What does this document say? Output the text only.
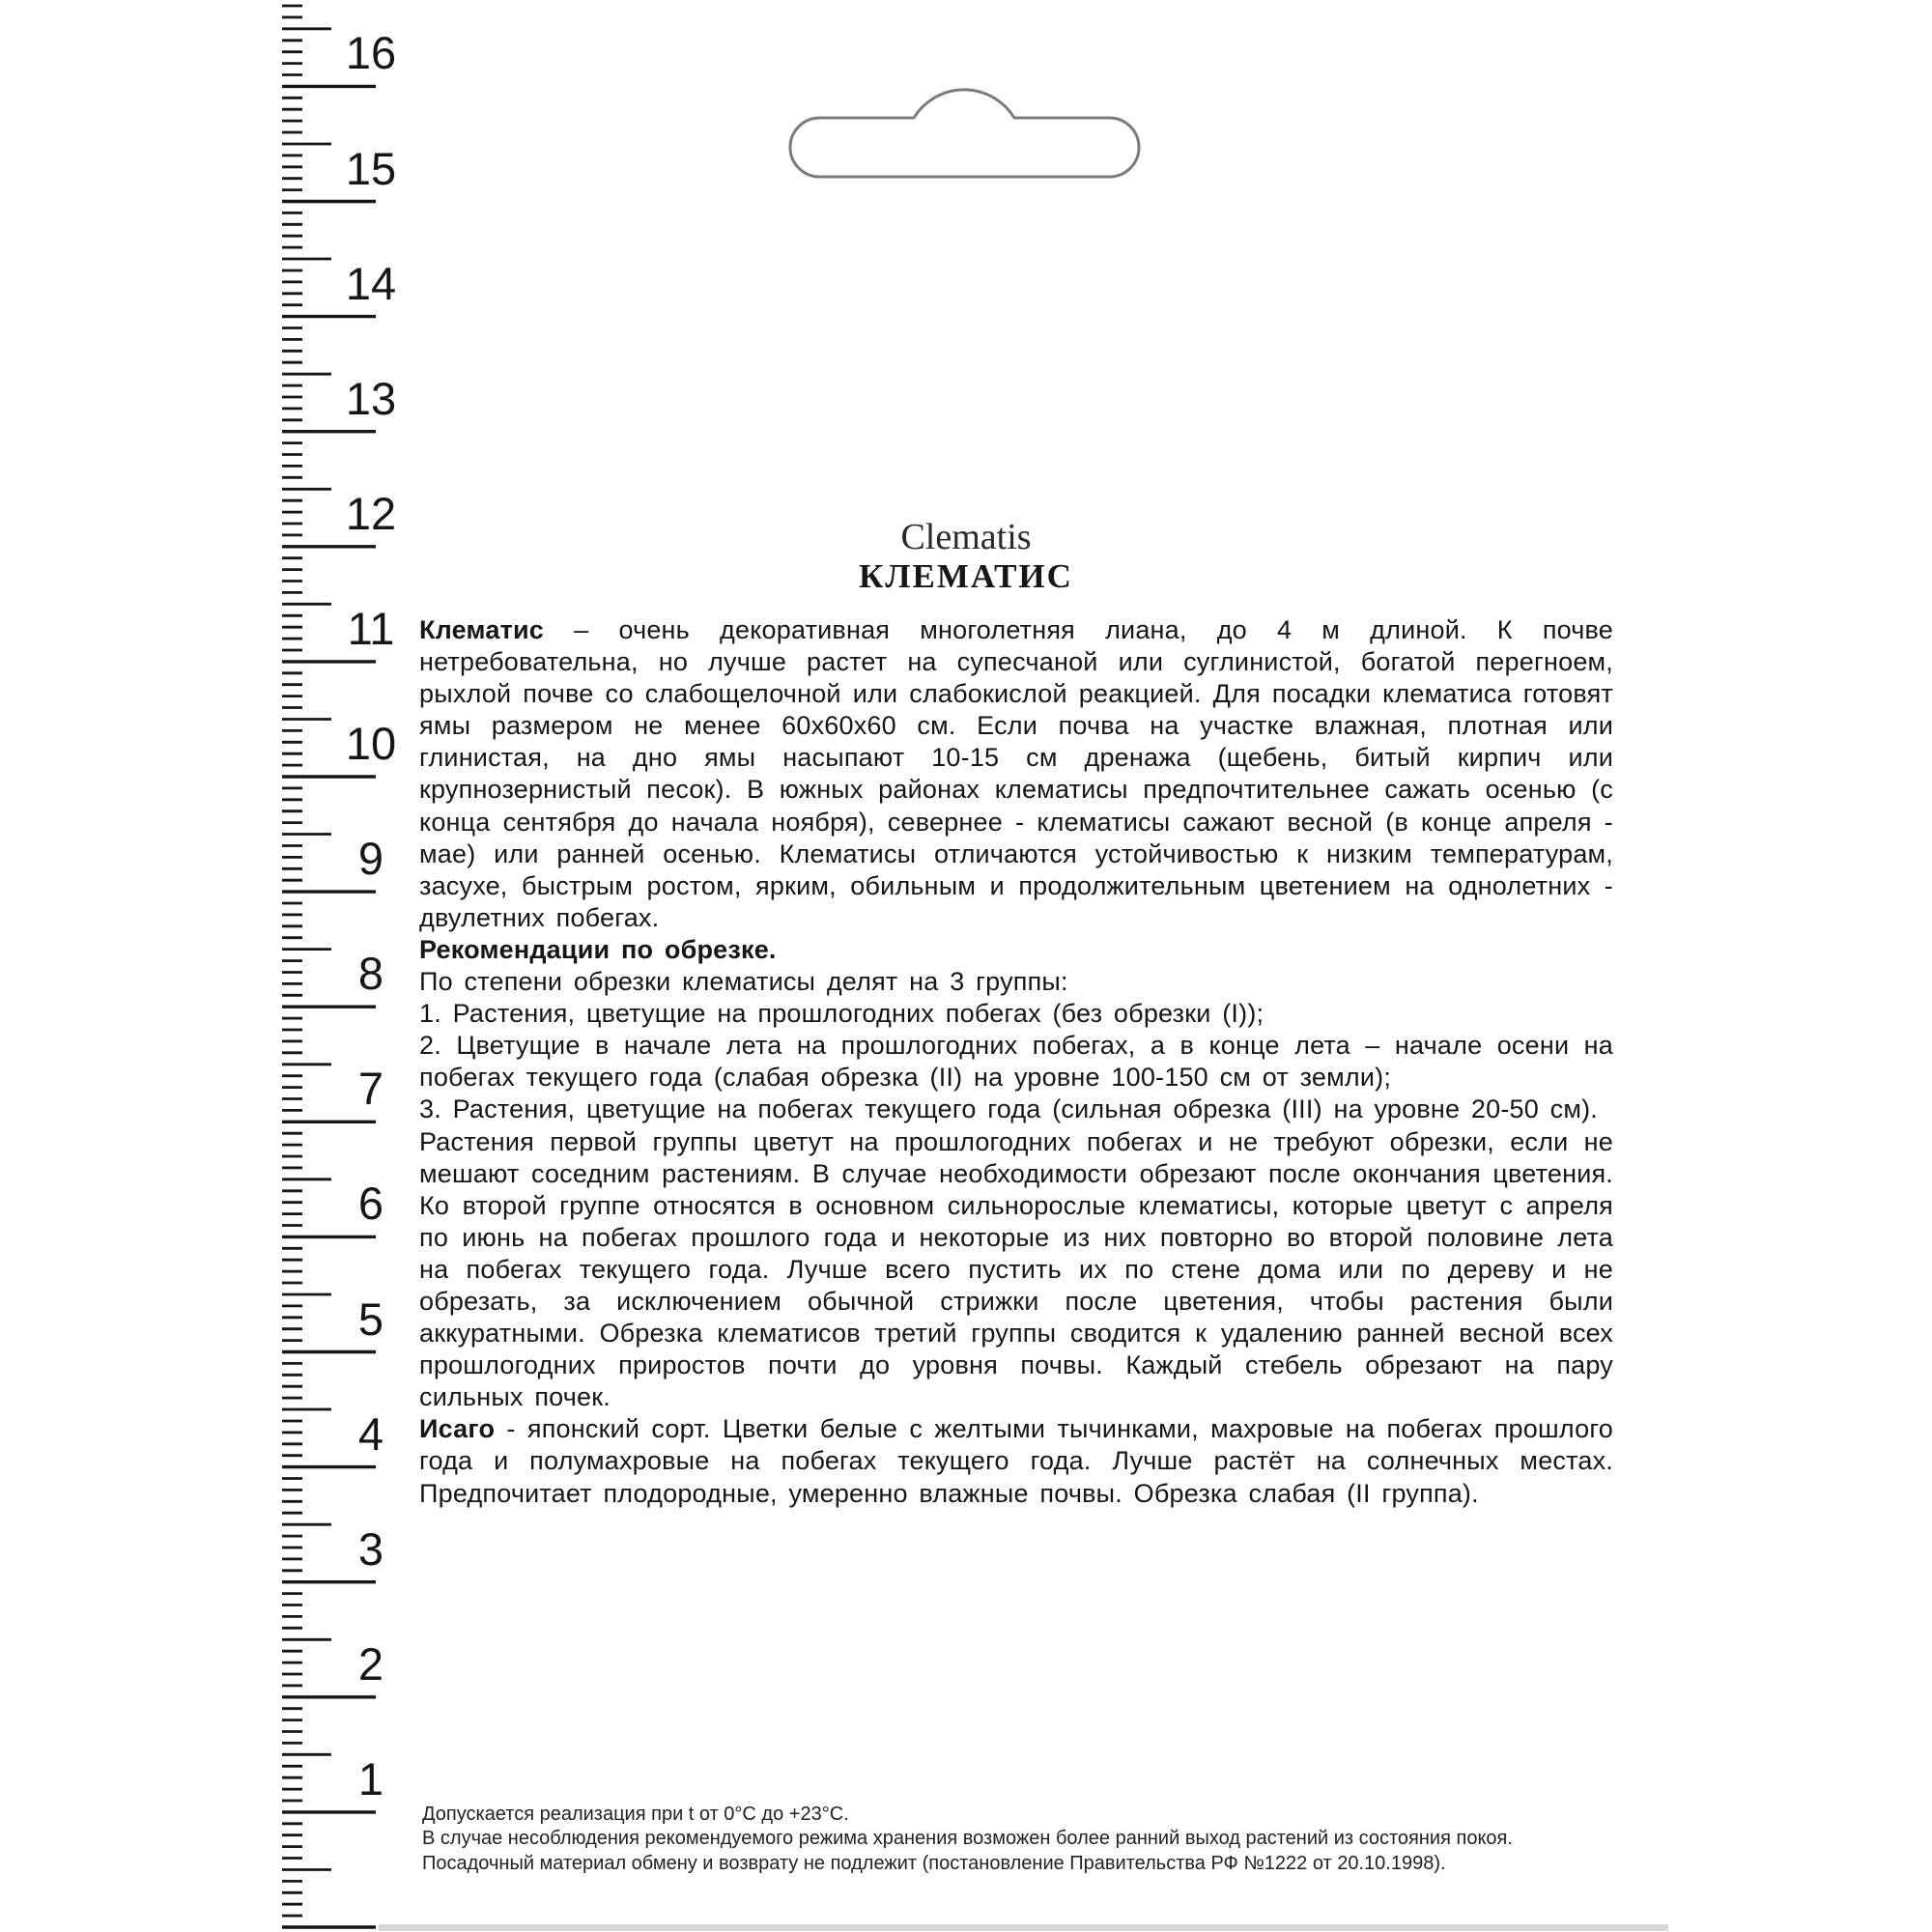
16
15
14
13
12
11
10
9
8
7
6
5
4
3
2
1
Clematis
КЛЕМАТИС

Клематис – очень декоративная многолетняя лиана, до 4 м длиной. К почве нетребовательна, но лучше растет на супесчаной или суглинистой, богатой перегноем, рыхлой почве со слабощелочной или слабокислой реакцией. Для посадки клематиса готовят ямы размером не менее 60х60х60 см. Если почва на участке влажная, плотная или глинистая, на дно ямы насыпают 10-15 см дренажа (щебень, битый кирпич или крупнозернистый песок). В южных районах клематисы предпочтительнее сажать осенью (с конца сентября до начала ноября), севернее - клематисы сажают весной (в конце апреля - мае) или ранней осенью. Клематисы отличаются устойчивостью к низким температурам, засухе, быстрым ростом, ярким, обильным и продолжительным цветением на однолетних - двулетних побегах.

Рекомендации по обрезке.

По степени обрезки клематисы делят на 3 группы:

1. Растения, цветущие на прошлогодних побегах (без обрезки (I));

2. Цветущие в начале лета на прошлогодних побегах, а в конце лета – начале осени на побегах текущего года (слабая обрезка (II) на уровне 100-150 см от земли);

3. Растения, цветущие на побегах текущего года (сильная обрезка (III) на уровне 20-50 см).

Растения первой группы цветут на прошлогодних побегах и не требуют обрезки, если не мешают соседним растениям. В случае необходимости обрезают после окончания цветения. Ко второй группе относятся в основном сильнорослые клематисы, которые цветут с апреля по июнь на побегах прошлого года и некоторые из них повторно во второй половине лета на побегах текущего года. Лучше всего пустить их по стене дома или по дереву и не обрезать, за исключением обычной стрижки после цветения, чтобы растения были аккуратными. Обрезка клематисов третий группы сводится к удалению ранней весной всех прошлогодних приростов почти до уровня почвы. Каждый стебель обрезают на пару сильных почек.

Исаго - японский сорт. Цветки белые с желтыми тычинками, махровые на побегах прошлого года и полумахровые на побегах текущего года. Лучше растёт на солнечных местах. Предпочитает плодородные, умеренно влажные почвы. Обрезка слабая (II группа).

Допускается реализация при t от 0°С до +23°С.
В случае несоблюдения рекомендуемого режима хранения возможен более ранний выход растений из состояния покоя.
Посадочный материал обмену и возврату не подлежит (постановление Правительства РФ №1222 от 20.10.1998).
